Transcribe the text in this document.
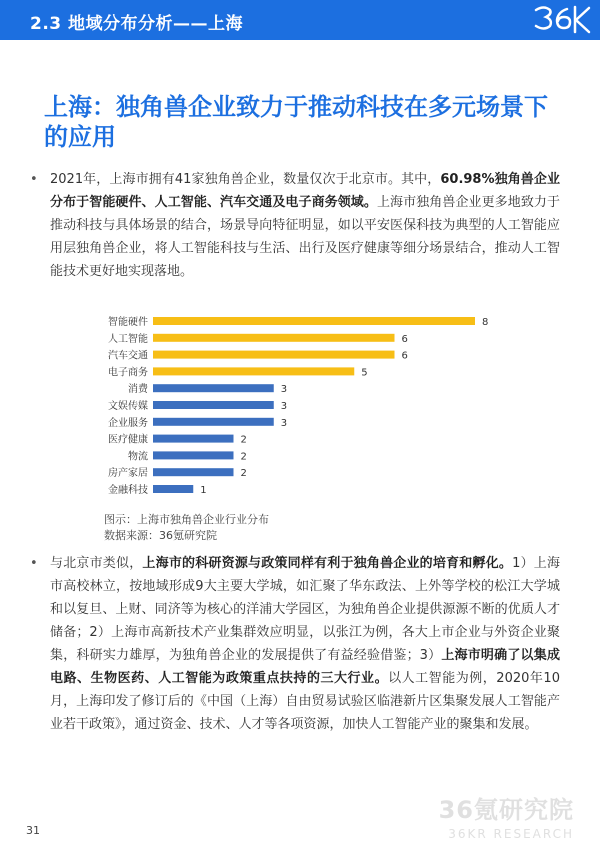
2.3 地域分布分析——上海
上海：独角兽企业致力于推动科技在多元场景下的应用
• 2021年，上海市拥有41家独角兽企业，数量仅次于北京市。其中，60.98%独角兽企业分布于智能硬件、人工智能、汽车交通及电子商务领域。上海市独角兽企业更多地致力于推动科技与具体场景的结合，场景导向特征明显，如以平安医保科技为典型的人工智能应用层独角兽企业，将人工智能科技与生活、出行及医疗健康等细分场景结合，推动人工智能技术更好地实现落地。
智能硬件	8
人工智能	6
汽车交通	6
电子商务	5
消费	3
文娱传媒	3
企业服务	3
医疗健康	2
物流	2
房产家居	2
金融科技	1
图示：上海市独角兽企业行业分布
数据来源：36氪研究院
• 与北京市类似，上海市的科研资源与政策同样有利于独角兽企业的培育和孵化。1）上海市高校林立，按地域形成9大主要大学城，如汇聚了华东政法、上外等学校的松江大学城和以复旦、上财、同济等为核心的洋浦大学园区，为独角兽企业提供源源不断的优质人才储备；2）上海市高新技术产业集群效应明显，以张江为例，各大上市企业与外资企业聚集，科研实力雄厚，为独角兽企业的发展提供了有益经验借鉴；3）上海市明确了以集成电路、生物医药、人工智能为政策重点扶持的三大行业。以人工智能为例，2020年10月，上海印发了修订后的《中国（上海）自由贸易试验区临港新片区集聚发展人工智能产业若干政策》，通过资金、技术、人才等各项资源，加快人工智能产业的聚集和发展。
31
36氪研究院
36KR RESEARCH
